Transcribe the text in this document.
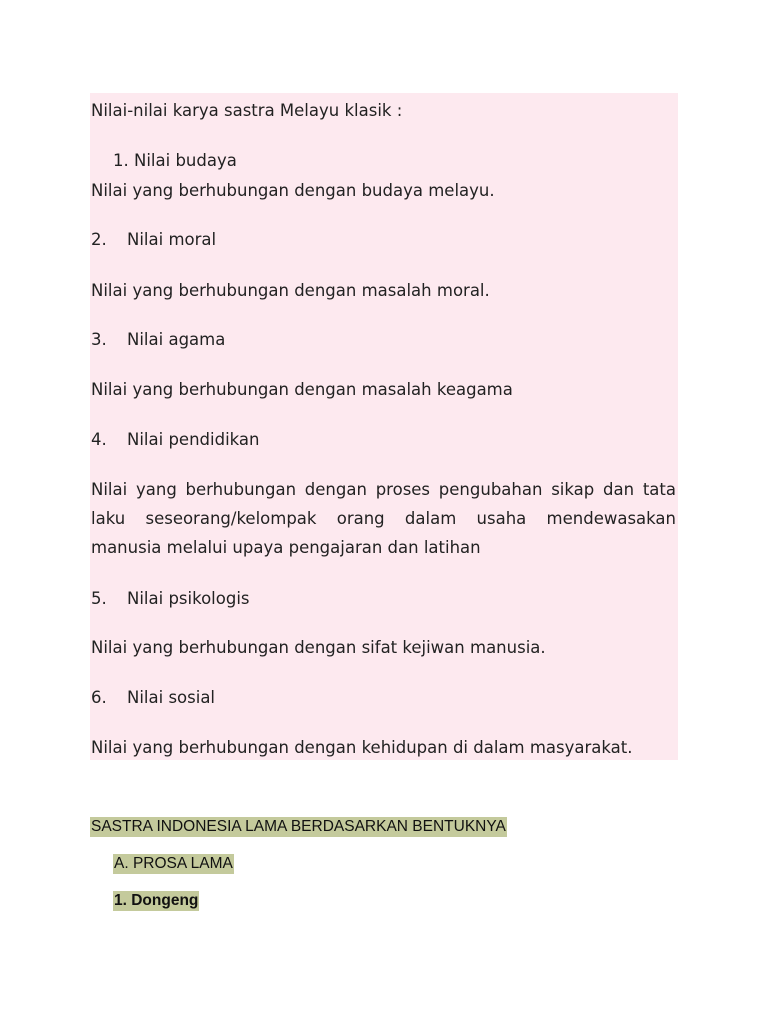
Nilai-nilai karya sastra Melayu klasik :
1. Nilai budaya
Nilai yang berhubungan dengan budaya melayu.
2. Nilai moral
Nilai yang berhubungan dengan masalah moral.
3. Nilai agama
Nilai yang berhubungan dengan masalah keagama
4. Nilai pendidikan
Nilai yang berhubungan dengan proses pengubahan sikap dan tata laku seseorang/kelompak orang dalam usaha mendewasakan manusia melalui upaya pengajaran dan latihan
5. Nilai psikologis
Nilai yang berhubungan dengan sifat kejiwan manusia.
6. Nilai sosial
Nilai yang berhubungan dengan kehidupan di dalam masyarakat.
SASTRA INDONESIA LAMA BERDASARKAN BENTUKNYA
A. PROSA LAMA
1. Dongeng
